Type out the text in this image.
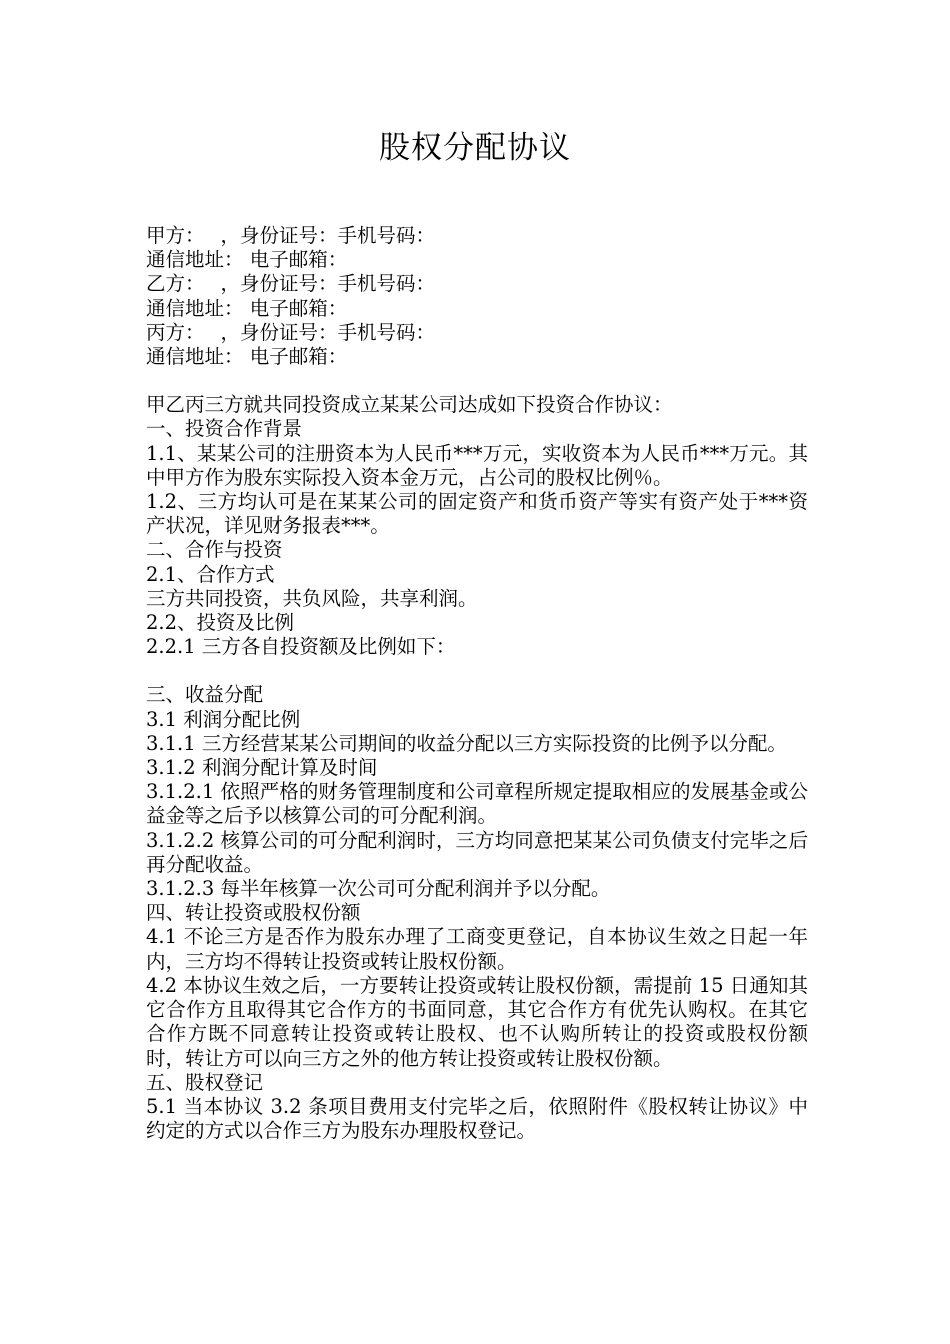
股权分配协议

甲方：　 ，身份证号：手机号码：

通信地址： 电子邮箱：

乙方：　 ，身份证号：手机号码：

通信地址： 电子邮箱：

丙方：　 ，身份证号：手机号码：

通信地址： 电子邮箱：

甲乙丙三方就共同投资成立某某公司达成如下投资合作协议：

一、投资合作背景

1.1、某某公司的注册资本为人民币***万元，实收资本为人民币***万元。其中甲方作为股东实际投入资本金万元，占公司的股权比例％。

1.2、三方均认可是在某某公司的固定资产和货币资产等实有资产处于***资产状况，详见财务报表***。

二、合作与投资

2.1、合作方式

三方共同投资，共负风险，共享利润。

2.2、投资及比例

2.2.1 三方各自投资额及比例如下：

三、收益分配

3.1 利润分配比例

3.1.1 三方经营某某公司期间的收益分配以三方实际投资的比例予以分配。

3.1.2 利润分配计算及时间

3.1.2.1 依照严格的财务管理制度和公司章程所规定提取相应的发展基金或公益金等之后予以核算公司的可分配利润。

3.1.2.2 核算公司的可分配利润时，三方均同意把某某公司负债支付完毕之后再分配收益。

3.1.2.3 每半年核算一次公司可分配利润并予以分配。

四、转让投资或股权份额

4.1 不论三方是否作为股东办理了工商变更登记，自本协议生效之日起一年内，三方均不得转让投资或转让股权份额。

4.2 本协议生效之后，一方要转让投资或转让股权份额，需提前 15 日通知其它合作方且取得其它合作方的书面同意，其它合作方有优先认购权。在其它合作方既不同意转让投资或转让股权、也不认购所转让的投资或股权份额时，转让方可以向三方之外的他方转让投资或转让股权份额。

五、股权登记

5.1 当本协议 3.2 条项目费用支付完毕之后，依照附件《股权转让协议》中约定的方式以合作三方为股东办理股权登记。
